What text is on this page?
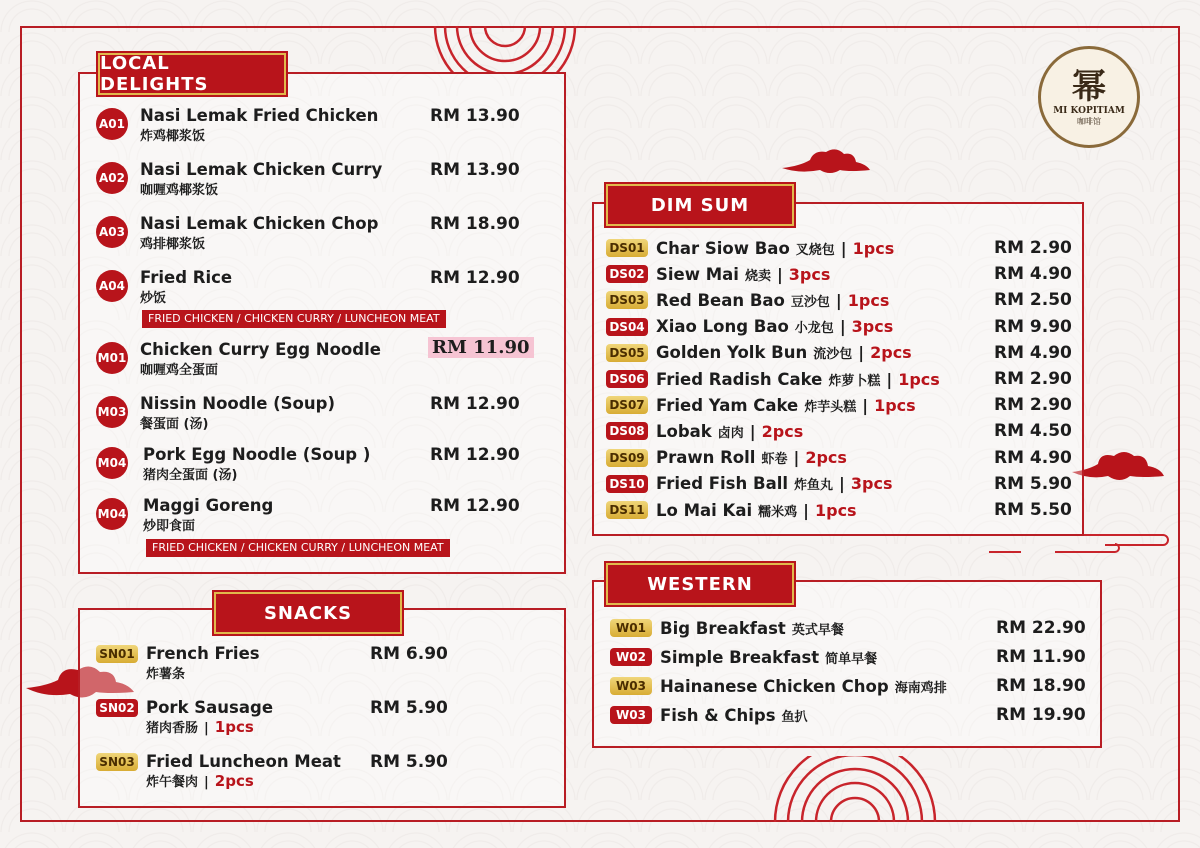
幂
MI KOPITIAM
咖啡馆
LOCAL DELIGHTS
A01 Nasi Lemak Fried Chicken
炸鸡椰浆饭
RM 13.90
A02 Nasi Lemak Chicken Curry
咖喱鸡椰浆饭
RM 13.90
A03 Nasi Lemak Chicken Chop
鸡排椰浆饭
RM 18.90
A04 Fried Rice
炒饭
RM 12.90
M01 Chicken Curry Egg Noodle
咖喱鸡全蛋面
RM 11.90
M03 Nissin Noodle (Soup)
餐蛋面 (汤)
RM 12.90
M04 Pork Egg Noodle (Soup )
猪肉全蛋面 (汤)
RM 12.90
M04 Maggi Goreng
炒即食面
RM 12.90
FRIED CHICKEN / CHICKEN CURRY / LUNCHEON MEAT
FRIED CHICKEN / CHICKEN CURRY / LUNCHEON MEAT
SNACKS
SN01 French Fries
炸薯条
RM 6.90
SN02 Pork Sausage
猪肉香肠 | 1pcs
RM 5.90
SN03 Fried Luncheon Meat
炸午餐肉 | 2pcs
RM 5.90
DIM SUM
DS01 Char Siow Bao 叉烧包 | 1pcs	RM 2.90
DS02 Siew Mai 烧卖 | 3pcs	RM 4.90
DS03 Red Bean Bao 豆沙包 | 1pcs	RM 2.50
DS04 Xiao Long Bao 小龙包 | 3pcs	RM 9.90
DS05 Golden Yolk Bun 流沙包 | 2pcs	RM 4.90
DS06 Fried Radish Cake 炸萝卜糕 | 1pcs	RM 2.90
DS07 Fried Yam Cake 炸芋头糕 | 1pcs	RM 2.90
DS08 Lobak 卤肉 | 2pcs	RM 4.50
DS09 Prawn Roll 虾卷 | 2pcs	RM 4.90
DS10 Fried Fish Ball 炸鱼丸 | 3pcs	RM 5.90
DS11 Lo Mai Kai 糯米鸡 | 1pcs	RM 5.50
WESTERN
W01 Big Breakfast 英式早餐	RM 22.90
W02 Simple Breakfast 简单早餐	RM 11.90
W03 Hainanese Chicken Chop 海南鸡排	RM 18.90
W03 Fish & Chips 鱼扒	RM 19.90
